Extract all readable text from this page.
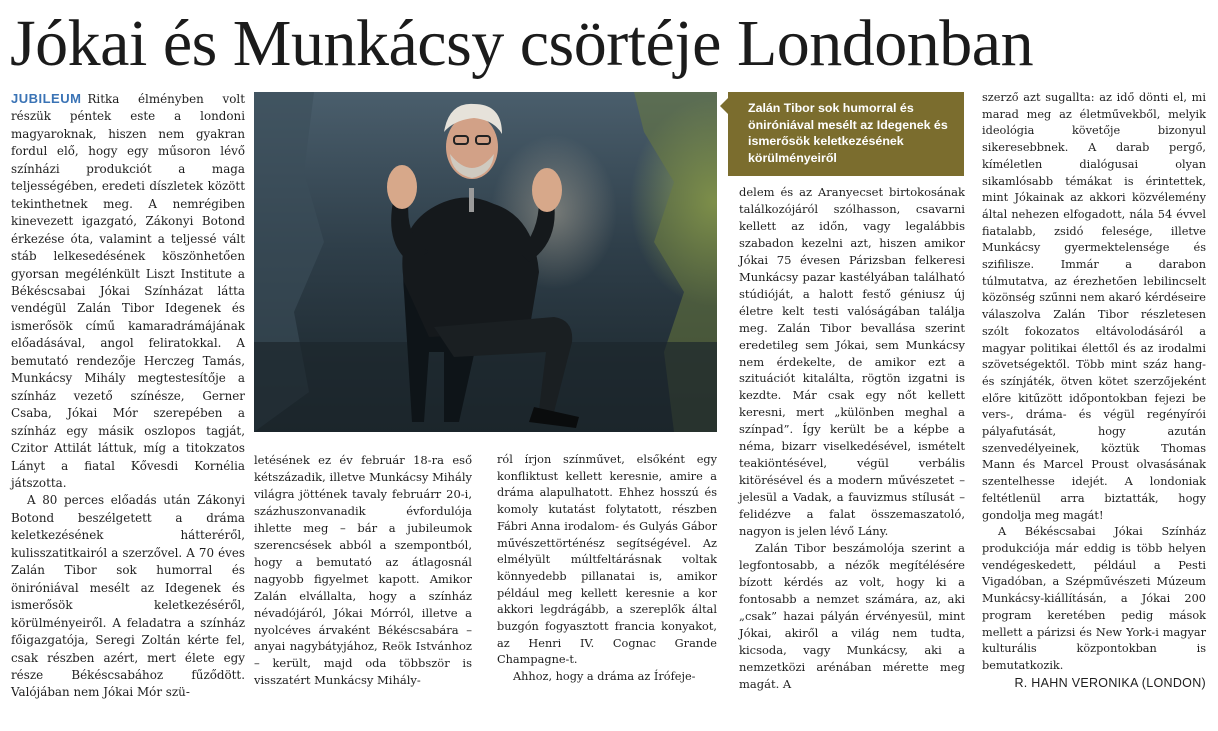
Jókai és Munkácsy csörtéje Londonban

JUBILEUM Ritka élményben volt részük péntek este a londoni magyaroknak, hiszen nem gyakran fordul elő, hogy egy műsoron lévő színházi produkciót a maga teljességében, eredeti díszletek között tekinthetnek meg. A nemrégiben kinevezett igazgató, Zákonyi Botond érkezése óta, valamint a teljessé vált stáb lelkesedésének köszönhetően gyorsan megélénkült Liszt Institute a Békéscsabai Jókai Színházat látta vendégül Zalán Tibor Idegenek és ismerősök című kamaradrámájának előadásával, angol feliratokkal. A bemutató rendezője Herczeg Tamás, Munkácsy Mihály megtestesítője a színház vezető színésze, Gerner Csaba, Jókai Mór szerepében a színház egy másik oszlopos tagját, Czitor Attilát láttuk, míg a titokzatos Lányt a fiatal Kővesdi Kornélia játszotta.

A 80 perces előadás után Zákonyi Botond beszélgetett a dráma keletkezésének hátteréről, kulisszatitkairól a szerzővel. A 70 éves Zalán Tibor sok humorral és öniróniával mesélt az Idegenek és ismerősök keletkezéséről, körülményeiről. A feladatra a színház főigazgatója, Seregi Zoltán kérte fel, csak részben azért, mert élete egy része Békéscsabához fűződött. Valójában nem Jókai Mór szü-

Zalán Tibor sok humorral és öniróniával mesélt az Idegenek és ismerősök keletkezésének körülményeiről

letésének ez év február 18-ra eső kétszázadik, illetve Munkácsy Mihály világra jöttének tavaly februárr 20-i, százhuszonvanadik évfordulója ihlette meg – bár a jubileumok szerencsések abból a szempontból, hogy a bemutató az átlagosnál nagyobb figyelmet kapott. Amikor Zalán elvállalta, hogy a színház névadójáról, Jókai Mórról, illetve a nyolcéves árvaként Békéscsabára – anyai nagybátyjához, Reök Istvánhoz – került, majd oda többször is visszatért Munkácsy Mihály-

ról írjon színművet, elsőként egy konfliktust kellett keresnie, amire a dráma alapulhatott. Ehhez hosszú és komoly kutatást folytatott, részben Fábri Anna irodalom- és Gulyás Gábor művészettörténész segítségével. Az elmélyült múltfeltárásnak voltak könnyedebb pillanatai is, amikor például meg kellett keresnie a kor akkori legdrágább, a szereplők által buzgón fogyasztott francia konyakot, az Henri IV. Cognac Grande Champagne-t.

Ahhoz, hogy a dráma az Írófeje-

delem és az Aranyecset birtokosának találkozójáról szólhasson, csavarni kellett az időn, vagy legalábbis szabadon kezelni azt, hiszen amikor Jókai 75 évesen Párizsban felkeresi Munkácsy pazar kastélyában található stúdióját, a halott festő géniusz új életre kelt testi valóságában találja meg. Zalán Tibor bevallása szerint eredetileg sem Jókai, sem Munkácsy nem érdekelte, de amikor ezt a szituációt kitalálta, rögtön izgatni is kezdte. Már csak egy nőt kellett keresni, mert „különben meghal a színpad”. Így került be a képbe a néma, bizarr viselkedésével, ismételt teakiöntésével, végül verbális kitörésével és a modern művészetet – jelesül a Vadak, a fauvizmus stílusát – felidézve a falat összemaszatoló, nagyon is jelen lévő Lány.

Zalán Tibor beszámolója szerint a legfontosabb, a nézők megítélésére bízott kérdés az volt, hogy ki a fontosabb a nemzet számára, az, aki „csak” hazai pályán érvényesül, mint Jókai, akiről a világ nem tudta, kicsoda, vagy Munkácsy, aki a nemzetközi arénában mérette meg magát. A

szerző azt sugallta: az idő dönti el, mi marad meg az életművekből, melyik ideológia követője bizonyul sikeresebbnek. A darab pergő, kíméletlen dialógusai olyan sikamlósabb témákat is érintettek, mint Jókainak az akkori közvélemény által nehezen elfogadott, nála 54 évvel fiatalabb, zsidó felesége, illetve Munkácsy gyermektelensége és szifilisze. Immár a darabon túlmutatva, az érezhetően lebilincselt közönség szűnni nem akaró kérdéseire válaszolva Zalán Tibor részletesen szólt fokozatos eltávolodásáról a magyar politikai élettől és az irodalmi szövetségektől. Több mint száz hang- és színjáték, ötven kötet szerzőjeként előre kitűzött időpontokban fejezi be vers-, dráma- és végül regényírói pályafutását, hogy azután szenvedélyeinek, köztük Thomas Mann és Marcel Proust olvasásának szentelhesse idejét. A londoniak feltétlenül arra biztatták, hogy gondolja meg magát!

A Békéscsabai Jókai Színház produkciója már eddig is több helyen vendégeskedett, például a Pesti Vigadóban, a Szépművészeti Múzeum Munkácsy-kiállításán, a Jókai 200 program keretében pedig mások mellett a párizsi és New York-i magyar kulturális központokban is bemutatkozik.

R. HAHN VERONIKA (LONDON)
